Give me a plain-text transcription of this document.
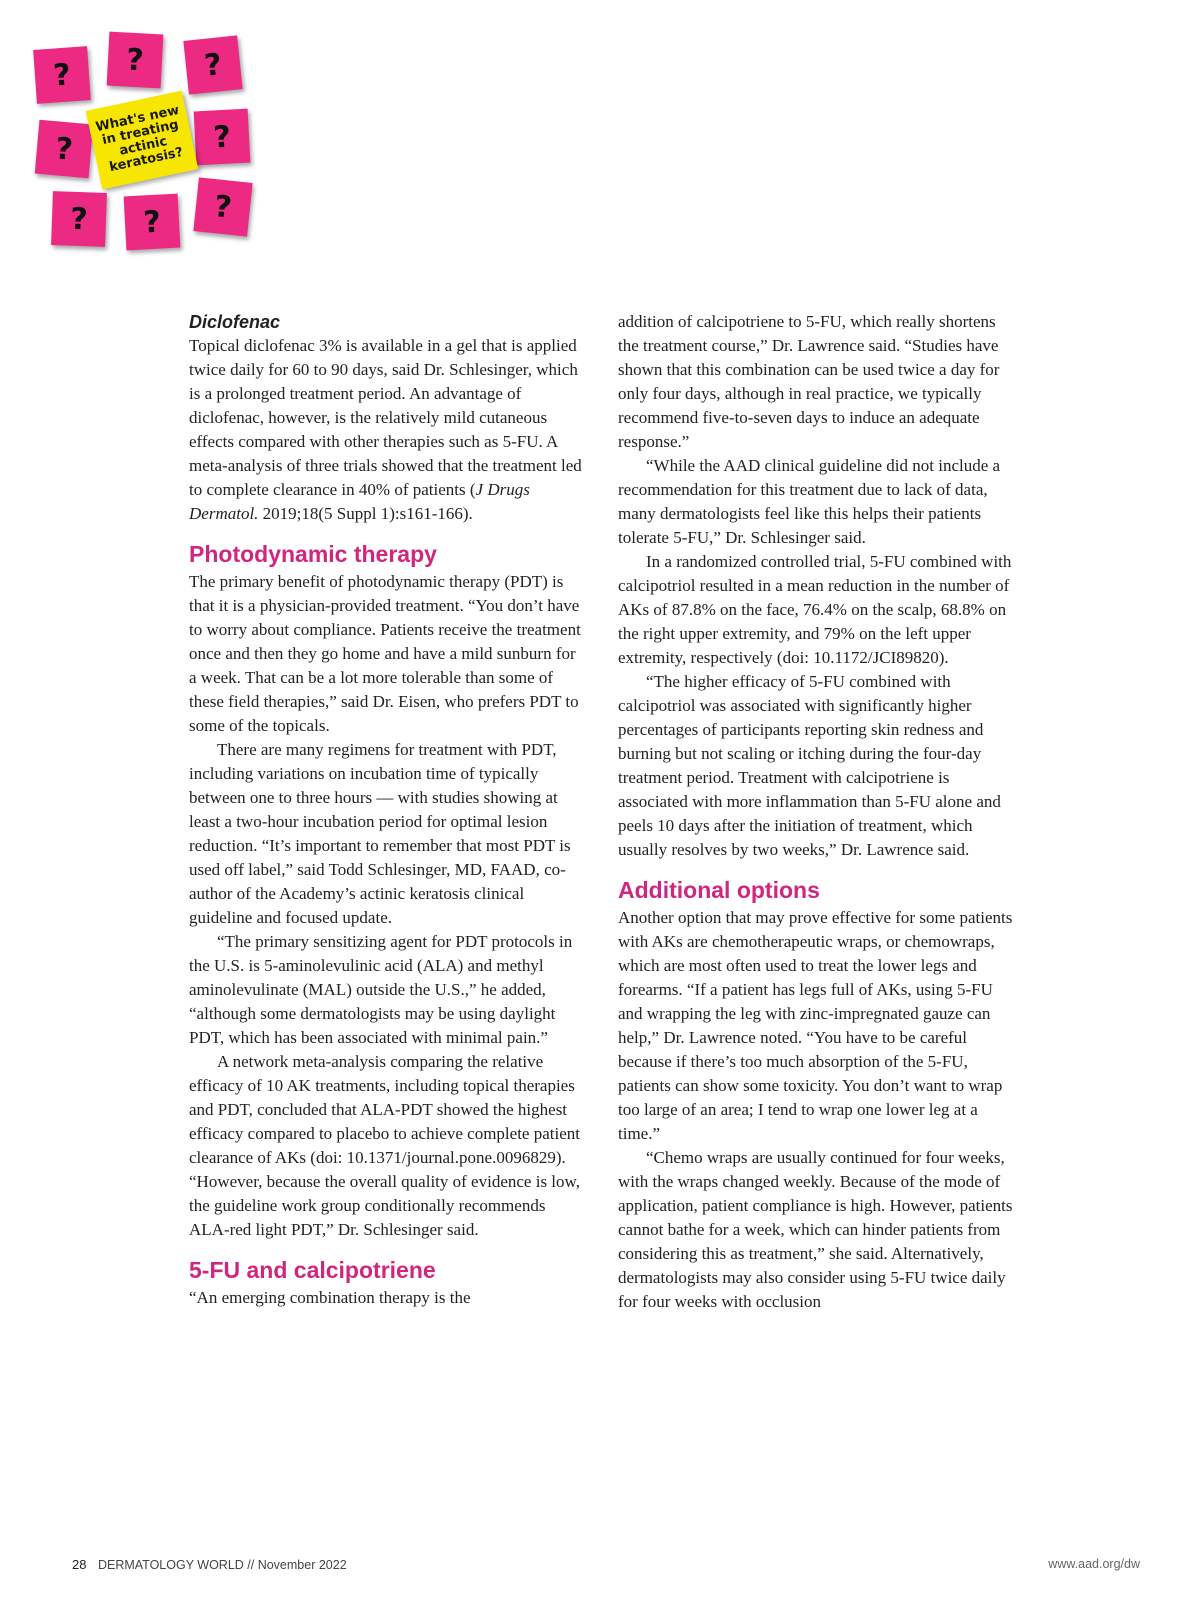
?	?	?
?	?
?	?	?
What's new in treating actinic keratosis?

Diclofenac

Topical diclofenac 3% is available in a gel that is applied twice daily for 60 to 90 days, said Dr. Schlesinger, which is a prolonged treatment period. An advantage of diclofenac, however, is the relatively mild cutaneous effects compared with other therapies such as 5-FU. A meta-analysis of three trials showed that the treatment led to complete clearance in 40% of patients (J Drugs Dermatol. 2019;18(5 Suppl 1):s161-166).

Photodynamic therapy

The primary benefit of photodynamic therapy (PDT) is that it is a physician-provided treatment. “You don’t have to worry about compliance. Patients receive the treatment once and then they go home and have a mild sunburn for a week. That can be a lot more tolerable than some of these field therapies,” said Dr. Eisen, who prefers PDT to some of the topicals.

There are many regimens for treatment with PDT, including variations on incubation time of typically between one to three hours — with studies showing at least a two-hour incubation period for optimal lesion reduction. “It’s important to remember that most PDT is used off label,” said Todd Schlesinger, MD, FAAD, co-author of the Academy’s actinic keratosis clinical guideline and focused update.

“The primary sensitizing agent for PDT protocols in the U.S. is 5-aminolevulinic acid (ALA) and methyl aminolevulinate (MAL) outside the U.S.,” he added, “although some dermatologists may be using daylight PDT, which has been associated with minimal pain.”

A network meta-analysis comparing the relative efficacy of 10 AK treatments, including topical therapies and PDT, concluded that ALA-PDT showed the highest efficacy compared to placebo to achieve complete patient clearance of AKs (doi: 10.1371/journal.pone.0096829). “However, because the overall quality of evidence is low, the guideline work group conditionally recommends ALA-red light PDT,” Dr. Schlesinger said.

5-FU and calcipotriene

“An emerging combination therapy is the

addition of calcipotriene to 5-FU, which really shortens the treatment course,” Dr. Lawrence said. “Studies have shown that this combination can be used twice a day for only four days, although in real practice, we typically recommend five-to-seven days to induce an adequate response.”

“While the AAD clinical guideline did not include a recommendation for this treatment due to lack of data, many dermatologists feel like this helps their patients tolerate 5-FU,” Dr. Schlesinger said.

In a randomized controlled trial, 5-FU combined with calcipotriol resulted in a mean reduction in the number of AKs of 87.8% on the face, 76.4% on the scalp, 68.8% on the right upper extremity, and 79% on the left upper extremity, respectively (doi: 10.1172/JCI89820).

“The higher efficacy of 5-FU combined with calcipotriol was associated with significantly higher percentages of participants reporting skin redness and burning but not scaling or itching during the four-day treatment period. Treatment with calcipotriene is associated with more inflammation than 5-FU alone and peels 10 days after the initiation of treatment, which usually resolves by two weeks,” Dr. Lawrence said.

Additional options

Another option that may prove effective for some patients with AKs are chemotherapeutic wraps, or chemowraps, which are most often used to treat the lower legs and forearms. “If a patient has legs full of AKs, using 5-FU and wrapping the leg with zinc-impregnated gauze can help,” Dr. Lawrence noted. “You have to be careful because if there’s too much absorption of the 5-FU, patients can show some toxicity. You don’t want to wrap too large of an area; I tend to wrap one lower leg at a time.”

“Chemo wraps are usually continued for four weeks, with the wraps changed weekly. Because of the mode of application, patient compliance is high. However, patients cannot bathe for a week, which can hinder patients from considering this as treatment,” she said. Alternatively, dermatologists may also consider using 5-FU twice daily for four weeks with occlusion

28 DERMATOLOGY WORLD // November 2022	www.aad.org/dw
